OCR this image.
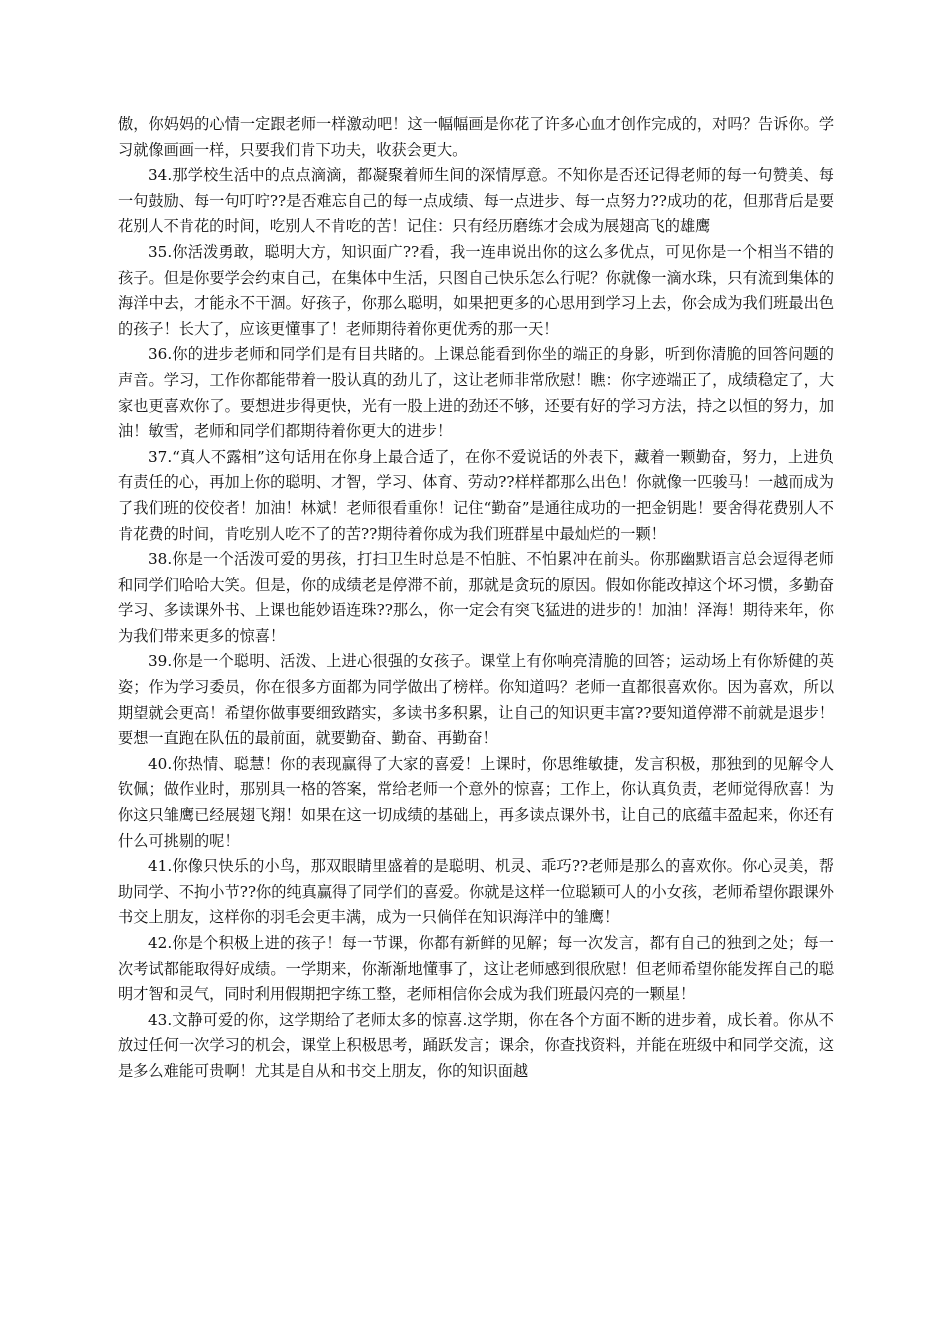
傲，你妈妈的心情一定跟老师一样激动吧！这一幅幅画是你花了许多心血才创作完成的，对吗？告诉你。学习就像画画一样，只要我们肯下功夫，收获会更大。

34.那学校生活中的点点滴滴，都凝聚着师生间的深情厚意。不知你是否还记得老师的每一句赞美、每一句鼓励、每一句叮咛??是否难忘自己的每一点成绩、每一点进步、每一点努力??成功的花，但那背后是要花别人不肯花的时间，吃别人不肯吃的苦！记住：只有经历磨练才会成为展翅高飞的雄鹰

35.你活泼勇敢，聪明大方，知识面广??看，我一连串说出你的这么多优点，可见你是一个相当不错的孩子。但是你要学会约束自己，在集体中生活，只图自己快乐怎么行呢？你就像一滴水珠，只有流到集体的海洋中去，才能永不干涸。好孩子，你那么聪明，如果把更多的心思用到学习上去，你会成为我们班最出色的孩子！长大了，应该更懂事了！老师期待着你更优秀的那一天！

36.你的进步老师和同学们是有目共睹的。上课总能看到你坐的端正的身影，听到你清脆的回答问题的声音。学习，工作你都能带着一股认真的劲儿了，这让老师非常欣慰！瞧：你字迹端正了，成绩稳定了，大家也更喜欢你了。要想进步得更快，光有一股上进的劲还不够，还要有好的学习方法，持之以恒的努力，加油！敏雪，老师和同学们都期待着你更大的进步！

37.“真人不露相”这句话用在你身上最合适了，在你不爱说话的外表下，藏着一颗勤奋，努力，上进负有责任的心，再加上你的聪明、才智，学习、体育、劳动??样样都那么出色！你就像一匹骏马！一越而成为了我们班的佼佼者！加油！林斌！老师很看重你！记住“勤奋”是通往成功的一把金钥匙！要舍得花费别人不肯花费的时间，肯吃别人吃不了的苦??期待着你成为我们班群星中最灿烂的一颗！

38.你是一个活泼可爱的男孩，打扫卫生时总是不怕脏、不怕累冲在前头。你那幽默语言总会逗得老师和同学们哈哈大笑。但是，你的成绩老是停滞不前，那就是贪玩的原因。假如你能改掉这个坏习惯，多勤奋学习、多读课外书、上课也能妙语连珠??那么，你一定会有突飞猛进的进步的！加油！泽海！期待来年，你为我们带来更多的惊喜！

39.你是一个聪明、活泼、上进心很强的女孩子。课堂上有你响亮清脆的回答；运动场上有你矫健的英姿；作为学习委员，你在很多方面都为同学做出了榜样。你知道吗？老师一直都很喜欢你。因为喜欢，所以期望就会更高！希望你做事要细致踏实，多读书多积累，让自己的知识更丰富??要知道停滞不前就是退步！要想一直跑在队伍的最前面，就要勤奋、勤奋、再勤奋！

40.你热情、聪慧！你的表现赢得了大家的喜爱！上课时，你思维敏捷，发言积极，那独到的见解令人钦佩；做作业时，那别具一格的答案，常给老师一个意外的惊喜；工作上，你认真负责，老师觉得欣喜！为你这只雏鹰已经展翅飞翔！如果在这一切成绩的基础上，再多读点课外书，让自己的底蕴丰盈起来，你还有什么可挑剔的呢！

41.你像只快乐的小鸟，那双眼睛里盛着的是聪明、机灵、乖巧??老师是那么的喜欢你。你心灵美，帮助同学、不拘小节??你的纯真赢得了同学们的喜爱。你就是这样一位聪颖可人的小女孩，老师希望你跟课外书交上朋友，这样你的羽毛会更丰满，成为一只倘佯在知识海洋中的雏鹰！

42.你是个积极上进的孩子！每一节课，你都有新鲜的见解；每一次发言，都有自己的独到之处；每一次考试都能取得好成绩。一学期来，你渐渐地懂事了，这让老师感到很欣慰！但老师希望你能发挥自己的聪明才智和灵气，同时利用假期把字练工整，老师相信你会成为我们班最闪亮的一颗星！

43.文静可爱的你，这学期给了老师太多的惊喜.这学期，你在各个方面不断的进步着，成长着。你从不放过任何一次学习的机会，课堂上积极思考，踊跃发言；课余，你查找资料，并能在班级中和同学交流，这是多么难能可贵啊！尤其是自从和书交上朋友，你的知识面越
